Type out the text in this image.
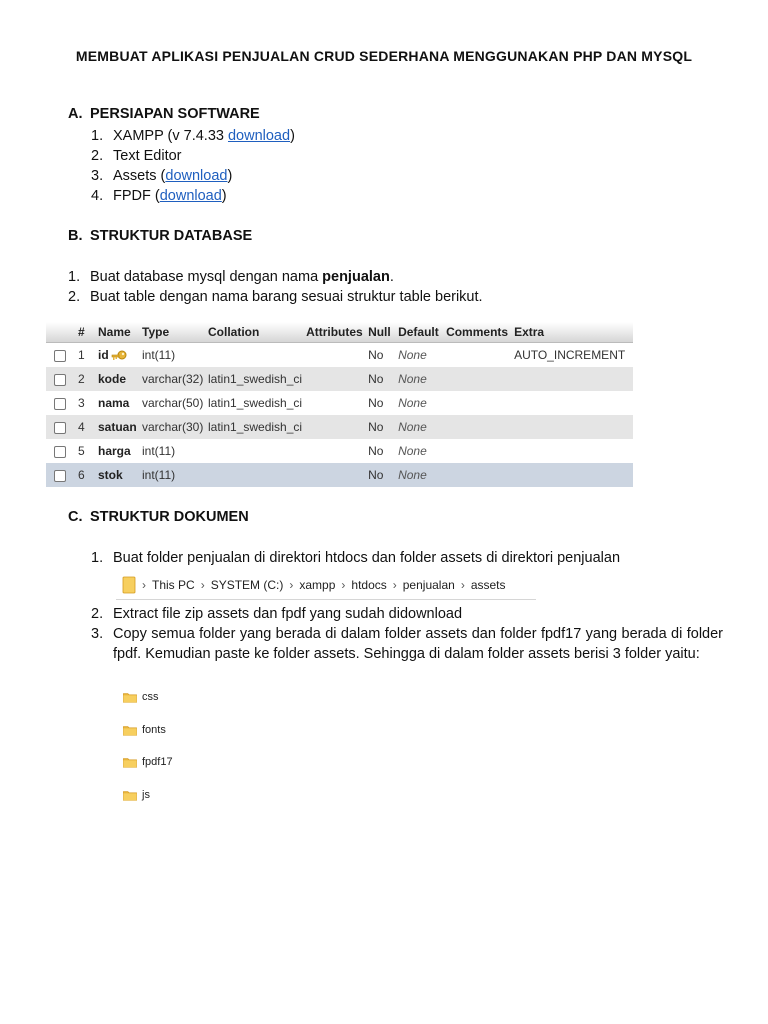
MEMBUAT APLIKASI PENJUALAN CRUD SEDERHANA MENGGUNAKAN PHP DAN MYSQL
A. PERSIAPAN SOFTWARE
1. XAMPP (v 7.4.33 download)
2. Text Editor
3. Assets (download)
4. FPDF (download)
B. STRUKTUR DATABASE
1. Buat database mysql dengan nama penjualan.
2. Buat table dengan nama barang sesuai struktur table berikut.
	#	Name	Type	Collation	Attributes	Null	Default	Comments	Extra
	1	id	int(11)			No	None		AUTO_INCREMENT
	2	kode	varchar(32)	latin1_swedish_ci		No	None		
	3	nama	varchar(50)	latin1_swedish_ci		No	None		
	4	satuan	varchar(30)	latin1_swedish_ci		No	None		
	5	harga	int(11)			No	None		
	6	stok	int(11)			No	None		
C. STRUKTUR DOKUMEN
1. Buat folder penjualan di direktori htdocs dan folder assets di direktori penjualan
› This PC › SYSTEM (C:) › xampp › htdocs › penjualan › assets
2. Extract file zip assets dan fpdf yang sudah didownload
3. Copy semua folder yang berada di dalam folder assets dan folder fpdf17 yang berada di folder fpdf. Kemudian paste ke folder assets. Sehingga di dalam folder assets berisi 3 folder yaitu:
css
fonts
fpdf17
js
